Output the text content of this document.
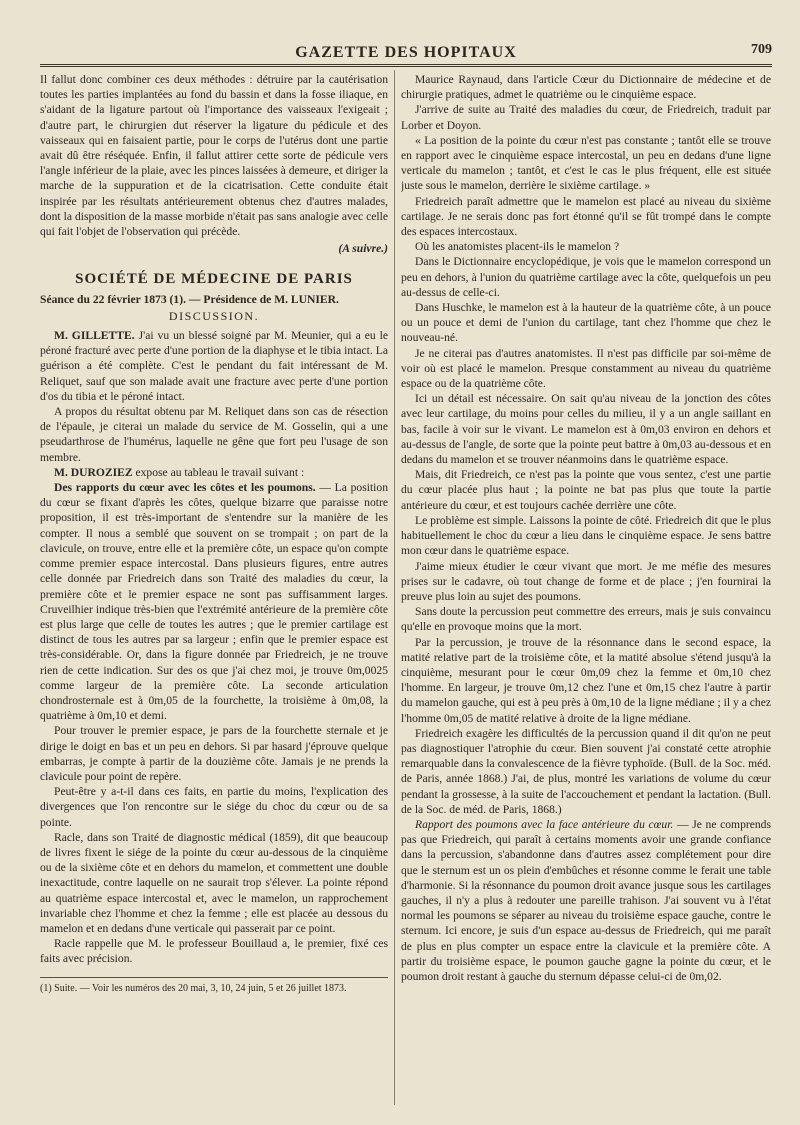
GAZETTE DES HOPITAUX	709

Il fallut donc combiner ces deux méthodes : détruire par la cautérisation toutes les parties implantées au fond du bassin et dans la fosse iliaque, en s'aidant de la ligature partout où l'importance des vaisseaux l'exigeait ; d'autre part, le chirurgien dut réserver la ligature du pédicule et des vaisseaux qui en faisaient partie, pour le corps de l'utérus dont une partie avait dû être réséquée. Enfin, il fallut attirer cette sorte de pédicule vers l'angle inférieur de la plaie, avec les pinces laissées à demeure, et diriger la marche de la suppuration et de la cicatrisation. Cette conduite était inspirée par les résultats antérieurement obtenus chez d'autres malades, dont la disposition de la masse morbide n'était pas sans analogie avec celle qui fait l'objet de l'observation qui précède.

(A suivre.)
SOCIÉTÉ DE MÉDECINE DE PARIS

Séance du 22 février 1873 (1). — Présidence de M. LUNIER.

DISCUSSION.

M. GILLETTE. J'ai vu un blessé soigné par M. Meunier, qui a eu le péroné fracturé avec perte d'une portion de la diaphyse et le tibia intact. La guérison a été complète. C'est le pendant du fait intéressant de M. Reliquet, sauf que son malade avait une fracture avec perte d'une portion d'os du tibia et le péroné intact.

A propos du résultat obtenu par M. Reliquet dans son cas de résection de l'épaule, je citerai un malade du service de M. Gosselin, qui a une pseudarthrose de l'humérus, laquelle ne gêne que fort peu l'usage de son membre.

M. DUROZIEZ expose au tableau le travail suivant :

Des rapports du cœur avec les côtes et les poumons. — La position du cœur se fixant d'après les côtes, quelque bizarre que paraisse notre proposition, il est très-important de s'entendre sur la manière de les compter. Il nous a semblé que souvent on se trompait ; on part de la clavicule, on trouve, entre elle et la première côte, un espace qu'on compte comme premier espace intercostal. Dans plusieurs figures, entre autres celle donnée par Friedreich dans son Traité des maladies du cœur, la première côte et le premier espace ne sont pas suffisamment larges. Cruveilhier indique très-bien que l'extrémité antérieure de la première côte est plus large que celle de toutes les autres ; que le premier cartilage est distinct de tous les autres par sa largeur ; enfin que le premier espace est très-considérable. Or, dans la figure donnée par Friedreich, je ne trouve rien de cette indication. Sur des os que j'ai chez moi, je trouve 0m,0025 comme largeur de la première côte. La seconde articulation chondrosternale est à 0m,05 de la fourchette, la troisième à 0m,08, la quatrième à 0m,10 et demi.

Pour trouver le premier espace, je pars de la fourchette sternale et je dirige le doigt en bas et un peu en dehors. Si par hasard j'éprouve quelque embarras, je compte à partir de la douzième côte. Jamais je ne prends la clavicule pour point de repère.

Peut-être y a-t-il dans ces faits, en partie du moins, l'explication des divergences que l'on rencontre sur le siége du choc du cœur ou de sa pointe.

Racle, dans son Traité de diagnostic médical (1859), dit que beaucoup de livres fixent le siége de la pointe du cœur au-dessous de la cinquième ou de la sixième côte et en dehors du mamelon, et commettent une double inexactitude, contre laquelle on ne saurait trop s'élever. La pointe répond au quatrième espace intercostal et, avec le mamelon, un rapprochement invariable chez l'homme et chez la femme ; elle est placée au dessous du mamelon et en dedans d'une verticale qui passerait par ce point.

Racle rappelle que M. le professeur Bouillaud a, le premier, fixé ces faits avec précision.

(1) Suite. — Voir les numéros des 20 mai, 3, 10, 24 juin, 5 et 26 juillet 1873.

Maurice Raynaud, dans l'article Cœur du Dictionnaire de médecine et de chirurgie pratiques, admet le quatrième ou le cinquième espace.

J'arrive de suite au Traité des maladies du cœur, de Friedreich, traduit par Lorber et Doyon.

« La position de la pointe du cœur n'est pas constante ; tantôt elle se trouve en rapport avec le cinquième espace intercostal, un peu en dedans d'une ligne verticale du mamelon ; tantôt, et c'est le cas le plus fréquent, elle est située juste sous le mamelon, derrière le sixième cartilage. »

Friedreich paraît admettre que le mamelon est placé au niveau du sixième cartilage. Je ne serais donc pas fort étonné qu'il se fût trompé dans le compte des espaces intercostaux.

Où les anatomistes placent-ils le mamelon ?

Dans le Dictionnaire encyclopédique, je vois que le mamelon correspond un peu en dehors, à l'union du quatrième cartilage avec la côte, quelquefois un peu au-dessus de celle-ci.

Dans Huschke, le mamelon est à la hauteur de la quatrième côte, à un pouce ou un pouce et demi de l'union du cartilage, tant chez l'homme que chez le nouveau-né.

Je ne citerai pas d'autres anatomistes. Il n'est pas difficile par soi-même de voir où est placé le mamelon. Presque constamment au niveau du quatrième espace ou de la quatrième côte.

Ici un détail est nécessaire. On sait qu'au niveau de la jonction des côtes avec leur cartilage, du moins pour celles du milieu, il y a un angle saillant en bas, facile à voir sur le vivant. Le mamelon est à 0m,03 environ en dehors et au-dessus de l'angle, de sorte que la pointe peut battre à 0m,03 au-dessous et en dedans du mamelon et se trouver néanmoins dans le quatrième espace.

Mais, dit Friedreich, ce n'est pas la pointe que vous sentez, c'est une partie du cœur placée plus haut ; la pointe ne bat pas plus que toute la partie antérieure du cœur, et est toujours cachée derrière une côte.

Le problème est simple. Laissons la pointe de côté. Friedreich dit que le plus habituellement le choc du cœur a lieu dans le cinquième espace. Je sens battre mon cœur dans le quatrième espace.

J'aime mieux étudier le cœur vivant que mort. Je me méfie des mesures prises sur le cadavre, où tout change de forme et de place ; j'en fournirai la preuve plus loin au sujet des poumons.

Sans doute la percussion peut commettre des erreurs, mais je suis convaincu qu'elle en provoque moins que la mort.

Par la percussion, je trouve de la résonnance dans le second espace, la matité relative part de la troisième côte, et la matité absolue s'étend jusqu'à la cinquième, mesurant pour le cœur 0m,09 chez la femme et 0m,10 chez l'homme. En largeur, je trouve 0m,12 chez l'une et 0m,15 chez l'autre à partir du mamelon gauche, qui est à peu près à 0m,10 de la ligne médiane ; il y a chez l'homme 0m,05 de matité relative à droite de la ligne médiane.

Friedreich exagère les difficultés de la percussion quand il dit qu'on ne peut pas diagnostiquer l'atrophie du cœur. Bien souvent j'ai constaté cette atrophie remarquable dans la convalescence de la fièvre typhoïde. (Bull. de la Soc. méd. de Paris, année 1868.) J'ai, de plus, montré les variations de volume du cœur pendant la grossesse, à la suite de l'accouchement et pendant la lactation. (Bull. de la Soc. de méd. de Paris, 1868.)

Rapport des poumons avec la face antérieure du cœur. — Je ne comprends pas que Friedreich, qui paraît à certains moments avoir une grande confiance dans la percussion, s'abandonne dans d'autres assez complétement pour dire que le sternum est un os plein d'embûches et résonne comme le ferait une table d'harmonie. Si la résonnance du poumon droit avance jusque sous les cartilages gauches, il n'y a plus à redouter une pareille trahison. J'ai souvent vu à l'état normal les poumons se séparer au niveau du troisième espace gauche, contre le sternum. Ici encore, je suis d'un espace au-dessus de Friedreich, qui me paraît de plus en plus compter un espace entre la clavicule et la première côte. A partir du troisième espace, le poumon gauche gagne la pointe du cœur, et le poumon droit restant à gauche du sternum dépasse celui-ci de 0m,02.
